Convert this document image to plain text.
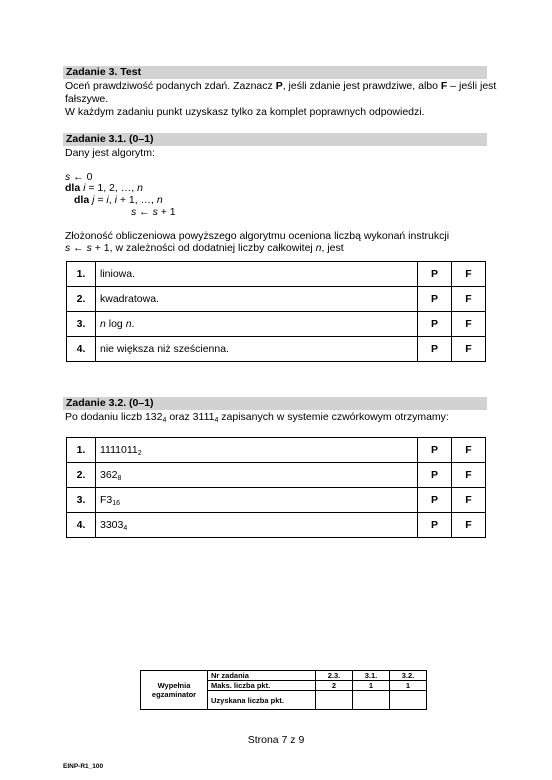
Zadanie 3. Test
Oceń prawdziwość podanych zdań. Zaznacz P, jeśli zdanie jest prawdziwe, albo F – jeśli jest
fałszywe.
W każdym zadaniu punkt uzyskasz tylko za komplet poprawnych odpowiedzi.
Zadanie 3.1. (0–1)
Dany jest algorytm:
s ← 0
dla i = 1, 2, …, n
dla j = i, i + 1, …, n
s ← s + 1
Złożoność obliczeniowa powyższego algorytmu oceniona liczbą wykonań instrukcji
s ← s + 1, w zależności od dodatniej liczby całkowitej n, jest
1.	liniowa.	P	F
2.	kwadratowa.	P	F
3.	n log n.	P	F
4.	nie większa niż sześcienna.	P	F
Zadanie 3.2. (0–1)
Po dodaniu liczb $132_4$ oraz $3111_4$ zapisanych w systemie czwórkowym otrzymamy:
1.	$1111011_2$	P	F
2.	$362_8$	P	F
3.	$F3_{16}$	P	F
4.	$3303_4$	P	F
Wypełnia
egzaminator	Nr zadania	2.3.	3.1.	3.2.
	Maks. liczba pkt.	2	1	1
	Uzyskana liczba pkt.			
Strona 7 z 9
EINP-R1_100
